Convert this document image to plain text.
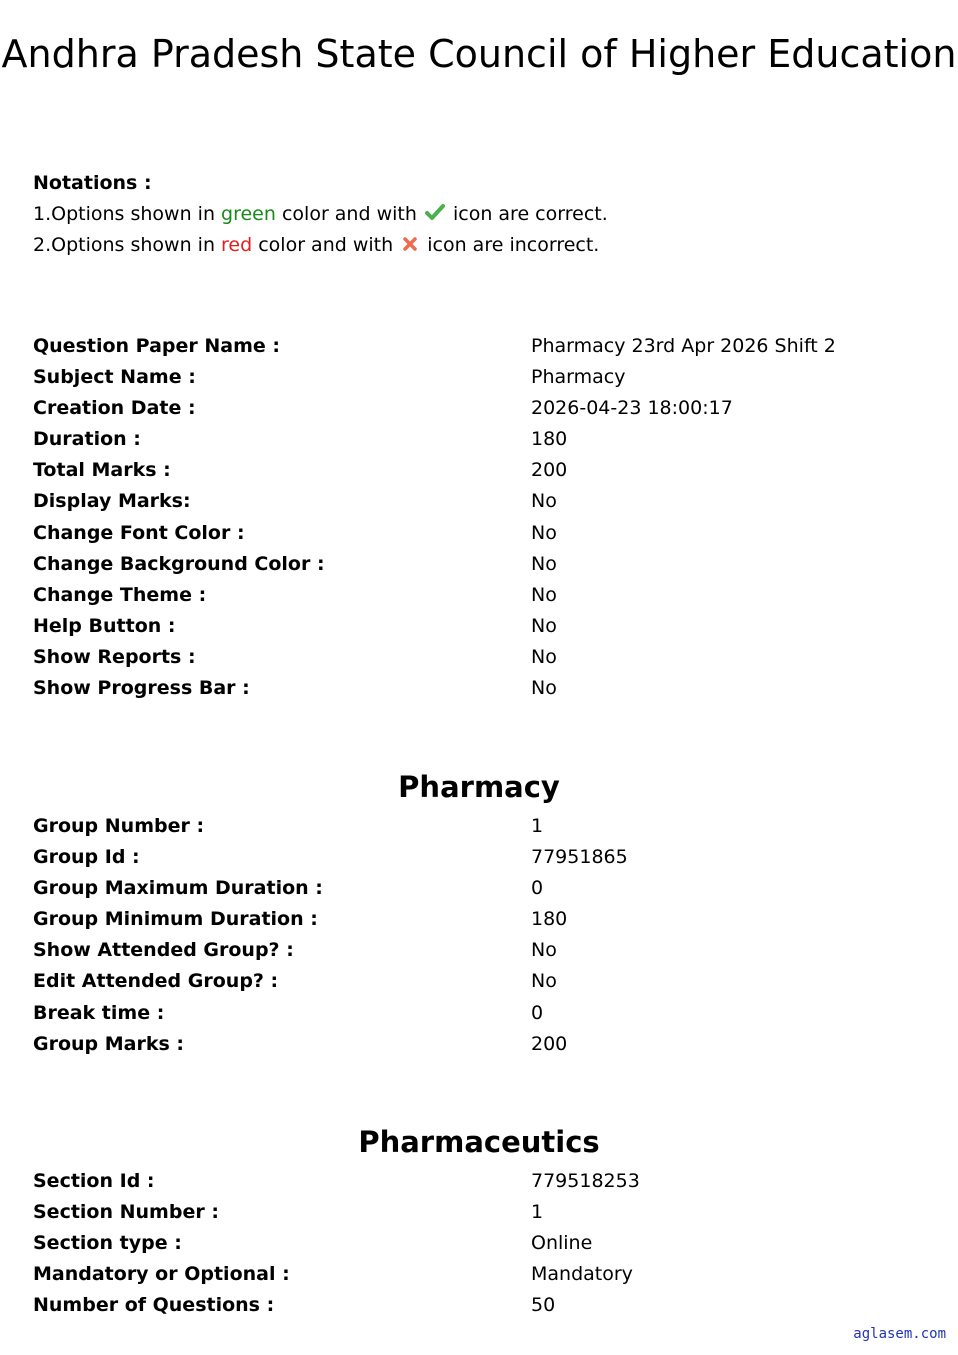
Andhra Pradesh State Council of Higher Education
Notations :
1.Options shown in green color and with icon are correct.
2.Options shown in red color and with icon are incorrect.
Question Paper Name :	Pharmacy 23rd Apr 2026 Shift 2
Subject Name :	Pharmacy
Creation Date :	2026-04-23 18:00:17
Duration :	180
Total Marks :	200
Display Marks:	No
Change Font Color :	No
Change Background Color :	No
Change Theme :	No
Help Button :	No
Show Reports :	No
Show Progress Bar :	No
Pharmacy
Group Number :	1
Group Id :	77951865
Group Maximum Duration :	0
Group Minimum Duration :	180
Show Attended Group? :	No
Edit Attended Group? :	No
Break time :	0
Group Marks :	200
Pharmaceutics
Section Id :	779518253
Section Number :	1
Section type :	Online
Mandatory or Optional :	Mandatory
Number of Questions :	50
aglasem.com
